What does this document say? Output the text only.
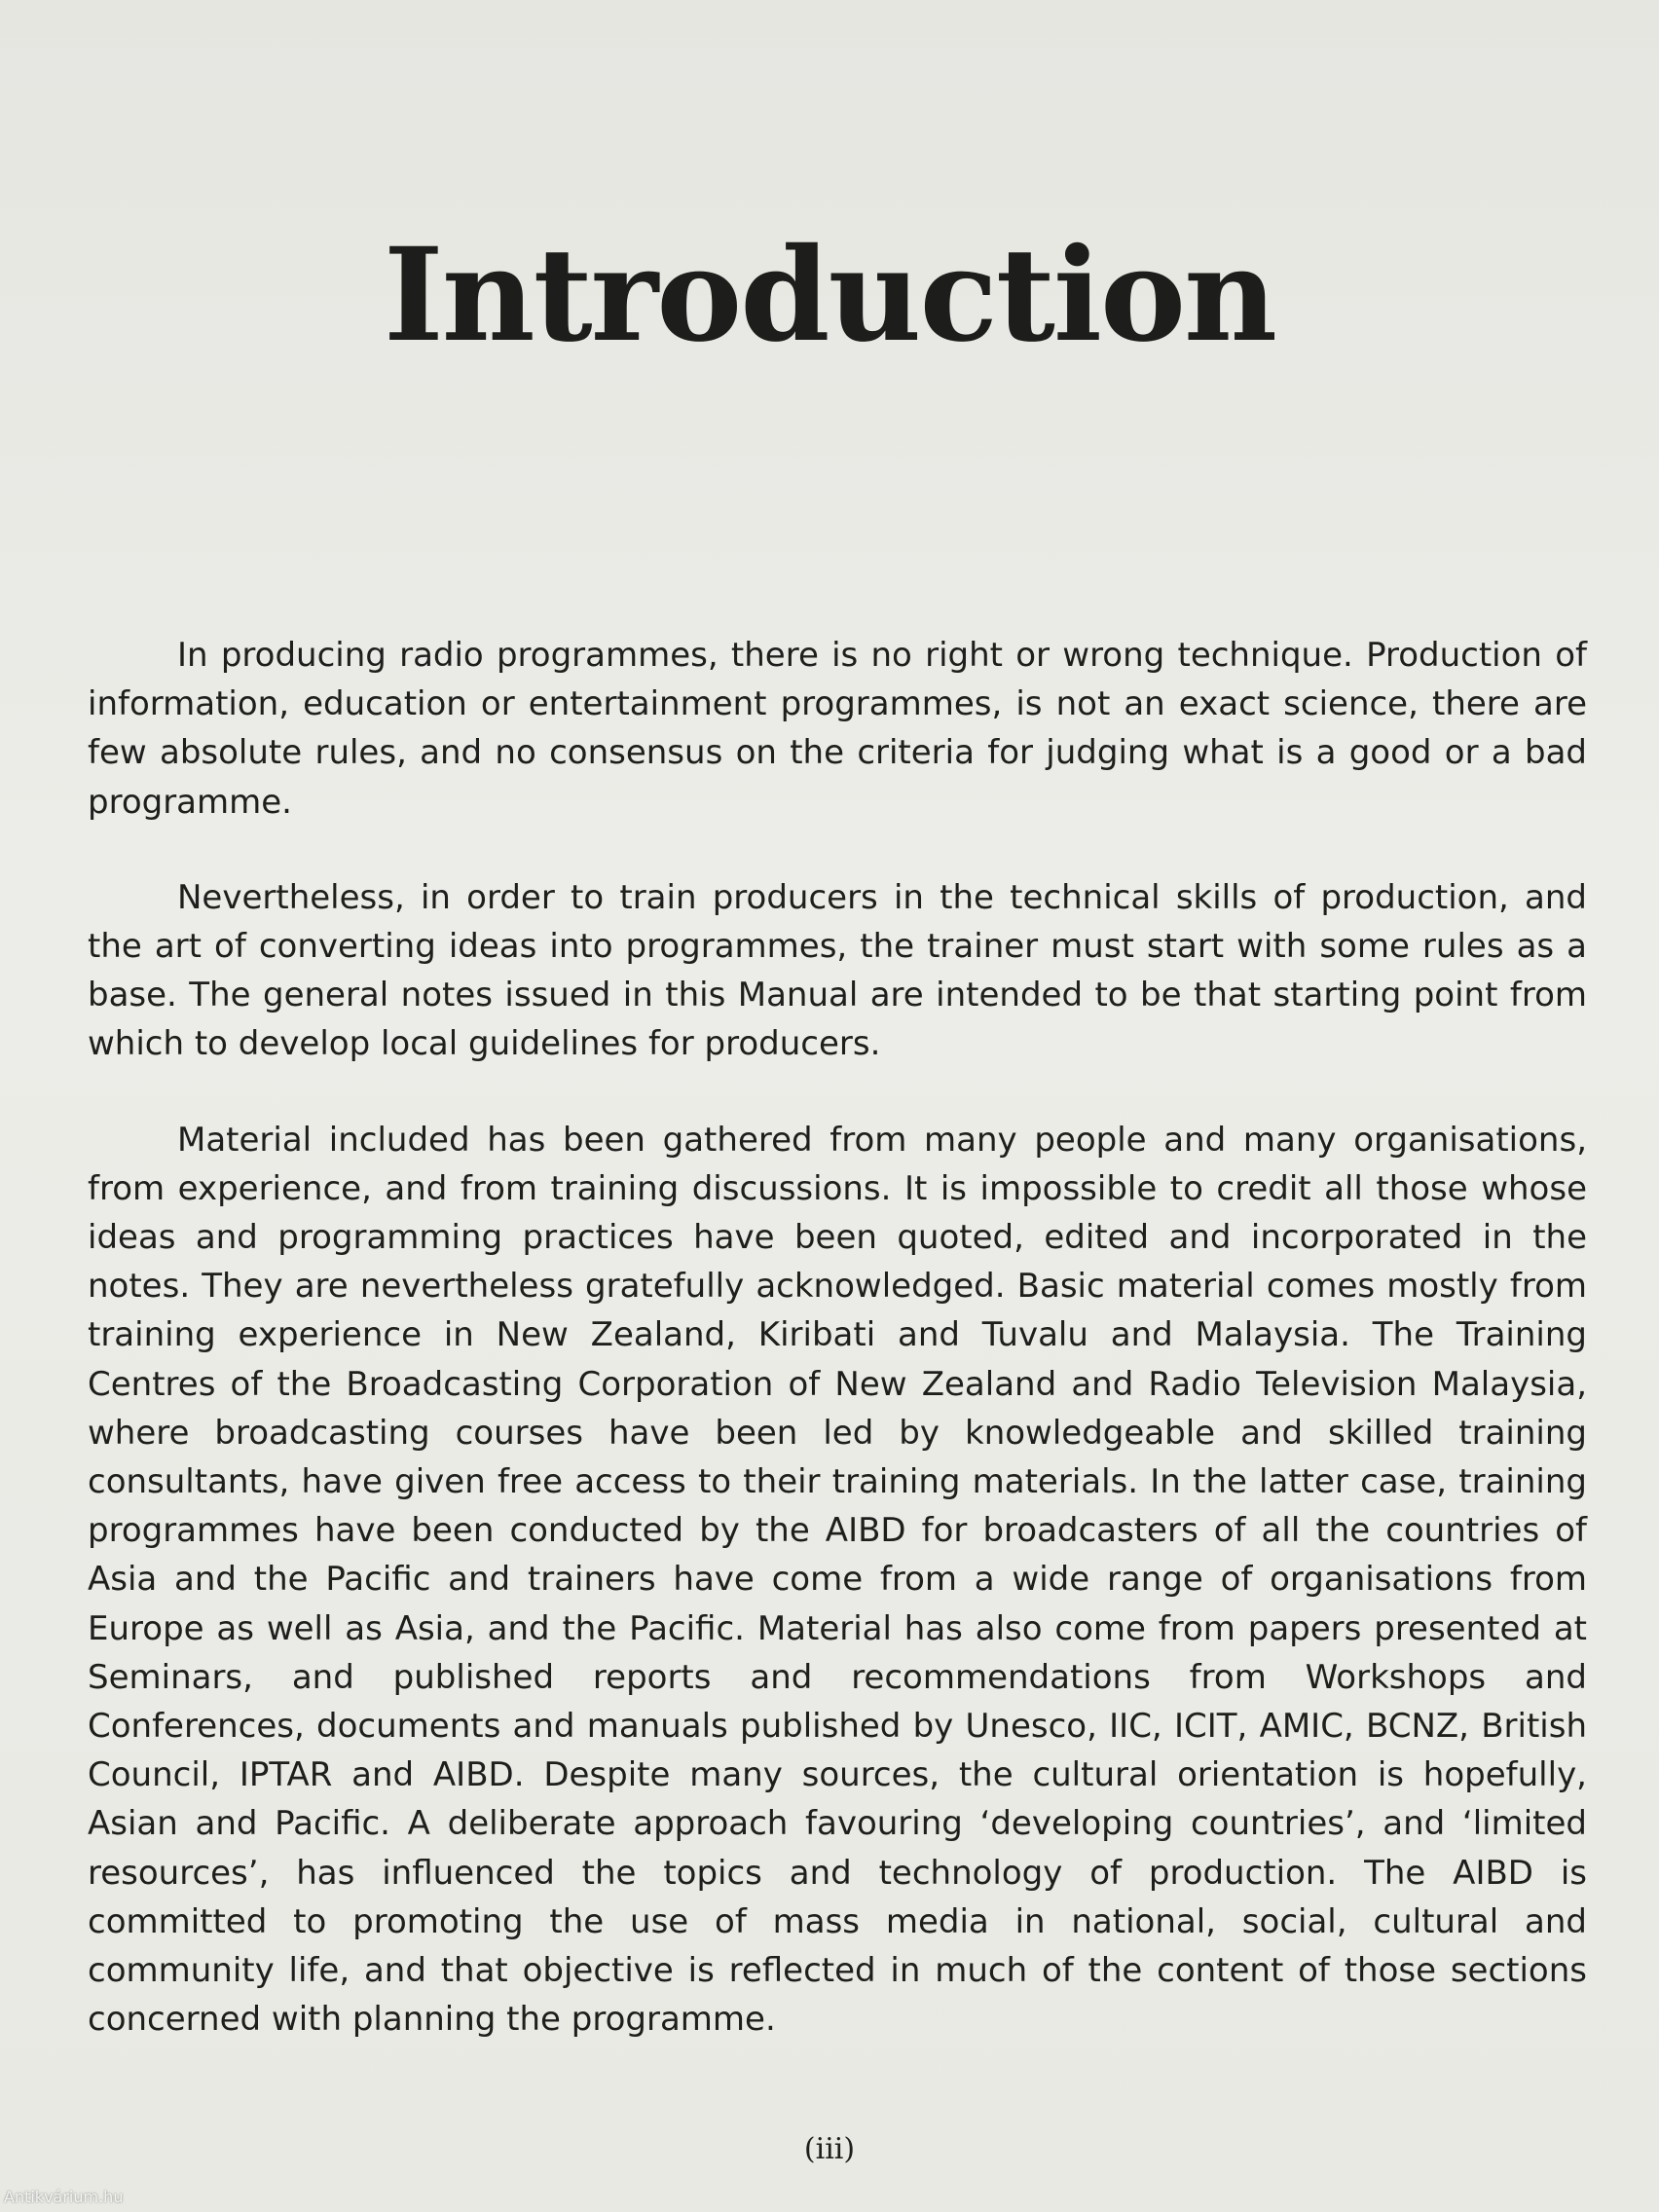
Introduction

In producing radio programmes, there is no right or wrong technique. Production of information, education or entertainment programmes, is not an exact science, there are few absolute rules, and no consensus on the criteria for judging what is a good or a bad programme.

Nevertheless, in order to train producers in the technical skills of production, and the art of converting ideas into programmes, the trainer must start with some rules as a base. The general notes issued in this Manual are intended to be that starting point from which to develop local guidelines for producers.

Material included has been gathered from many people and many organisations, from experience, and from training discussions. It is impossible to credit all those whose ideas and programming practices have been quoted, edited and incorporated in the notes. They are nevertheless gratefully acknowledged. Basic material comes mostly from training experience in New Zealand, Kiribati and Tuvalu and Malaysia. The Training Centres of the Broadcasting Corporation of New Zealand and Radio Television Malaysia, where broadcasting courses have been led by knowledgeable and skilled training consultants, have given free access to their training materials. In the latter case, training programmes have been conducted by the AIBD for broadcasters of all the countries of Asia and the Pacific and trainers have come from a wide range of organisations from Europe as well as Asia, and the Pacific. Material has also come from papers presented at Seminars, and published reports and recommendations from Workshops and Conferences, documents and manuals published by Unesco, IIC, ICIT, AMIC, BCNZ, British Council, IPTAR and AIBD. Despite many sources, the cultural orientation is hopefully, Asian and Pacific. A deliberate approach favouring ‘developing countries’, and ‘limited resources’, has influenced the topics and technology of production. The AIBD is committed to promoting the use of mass media in national, social, cultural and community life, and that objective is reflected in much of the content of those sections concerned with planning the programme.

(iii)
Antikvárium.hu
